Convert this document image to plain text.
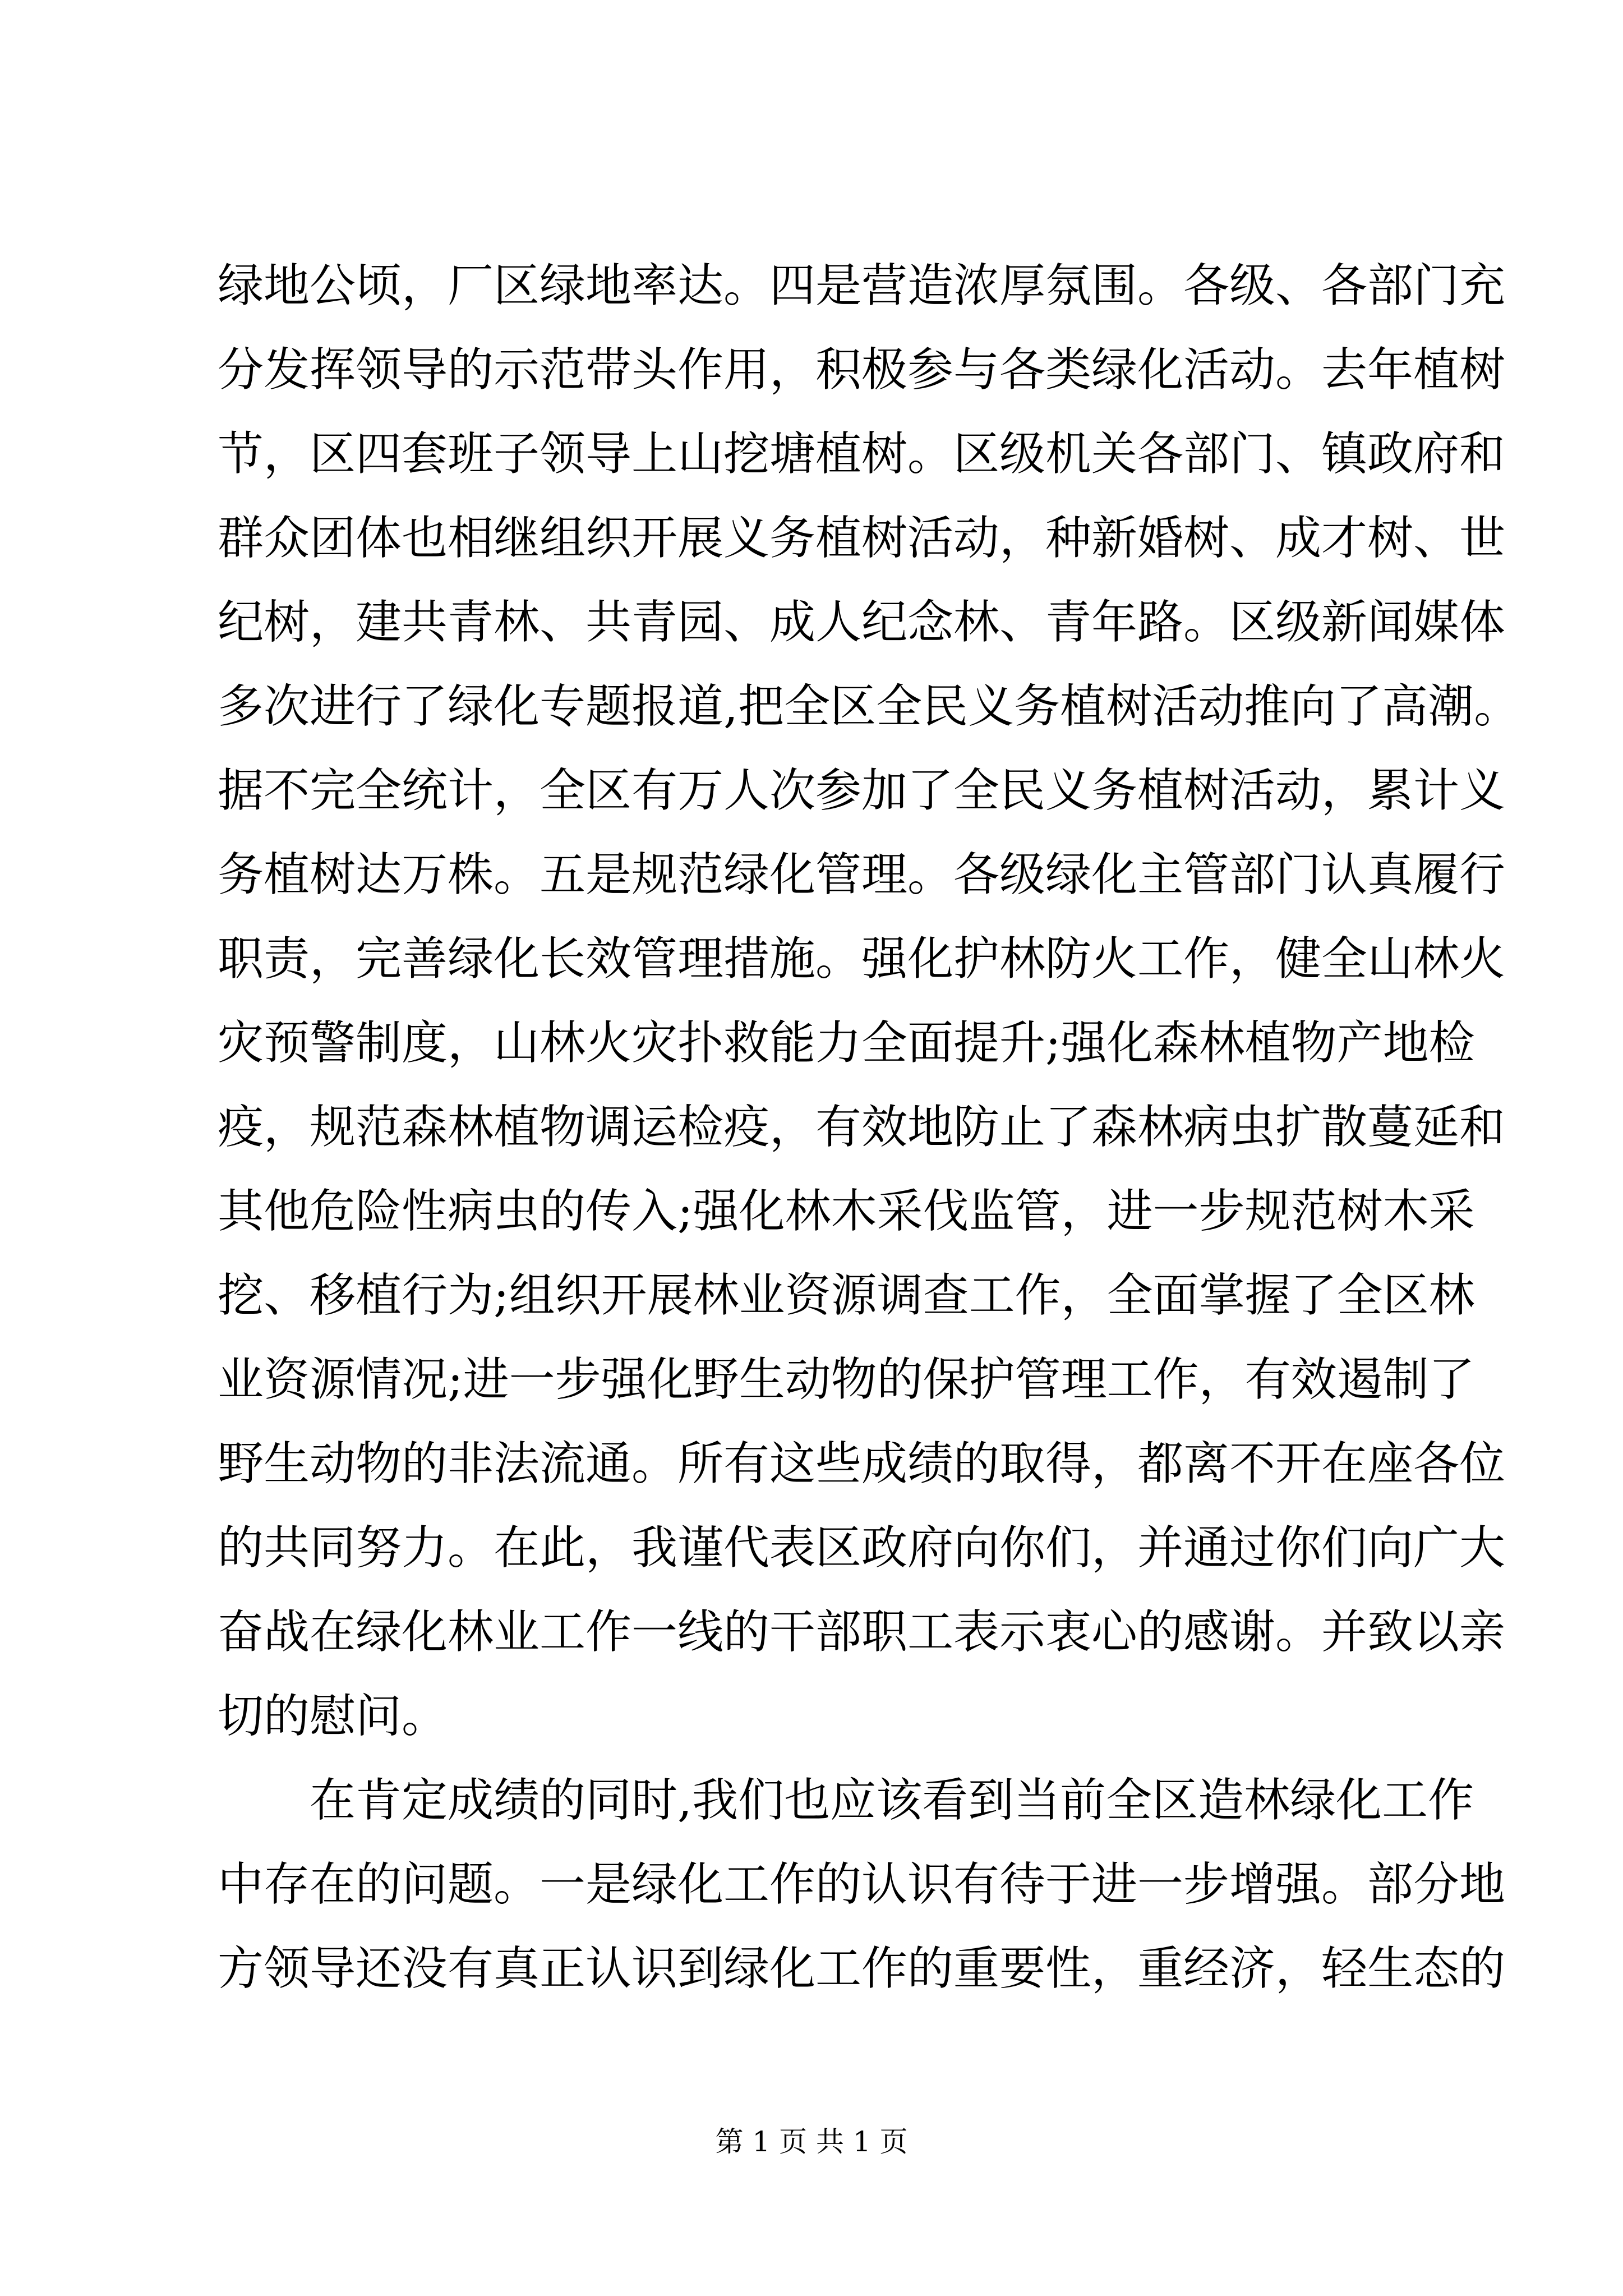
绿地公顷，厂区绿地率达。四是营造浓厚氛围。各级、各部门充
分发挥领导的示范带头作用，积极参与各类绿化活动。去年植树
节，区四套班子领导上山挖塘植树。区级机关各部门、镇政府和
群众团体也相继组织开展义务植树活动，种新婚树、成才树、世
纪树，建共青林、共青园、成人纪念林、青年路。区级新闻媒体
多次进行了绿化专题报道,把全区全民义务植树活动推向了高潮。
据不完全统计，全区有万人次参加了全民义务植树活动，累计义
务植树达万株。五是规范绿化管理。各级绿化主管部门认真履行
职责，完善绿化长效管理措施。强化护林防火工作，健全山林火
灾预警制度，山林火灾扑救能力全面提升;强化森林植物产地检
疫，规范森林植物调运检疫，有效地防止了森林病虫扩散蔓延和
其他危险性病虫的传入;强化林木采伐监管，进一步规范树木采
挖、移植行为;组织开展林业资源调查工作，全面掌握了全区林
业资源情况;进一步强化野生动物的保护管理工作，有效遏制了
野生动物的非法流通。所有这些成绩的取得，都离不开在座各位
的共同努力。在此，我谨代表区政府向你们，并通过你们向广大
奋战在绿化林业工作一线的干部职工表示衷心的感谢。并致以亲
切的慰问。
　　在肯定成绩的同时,我们也应该看到当前全区造林绿化工作
中存在的问题。一是绿化工作的认识有待于进一步增强。部分地
方领导还没有真正认识到绿化工作的重要性，重经济，轻生态的
第 1 页 共 1 页
